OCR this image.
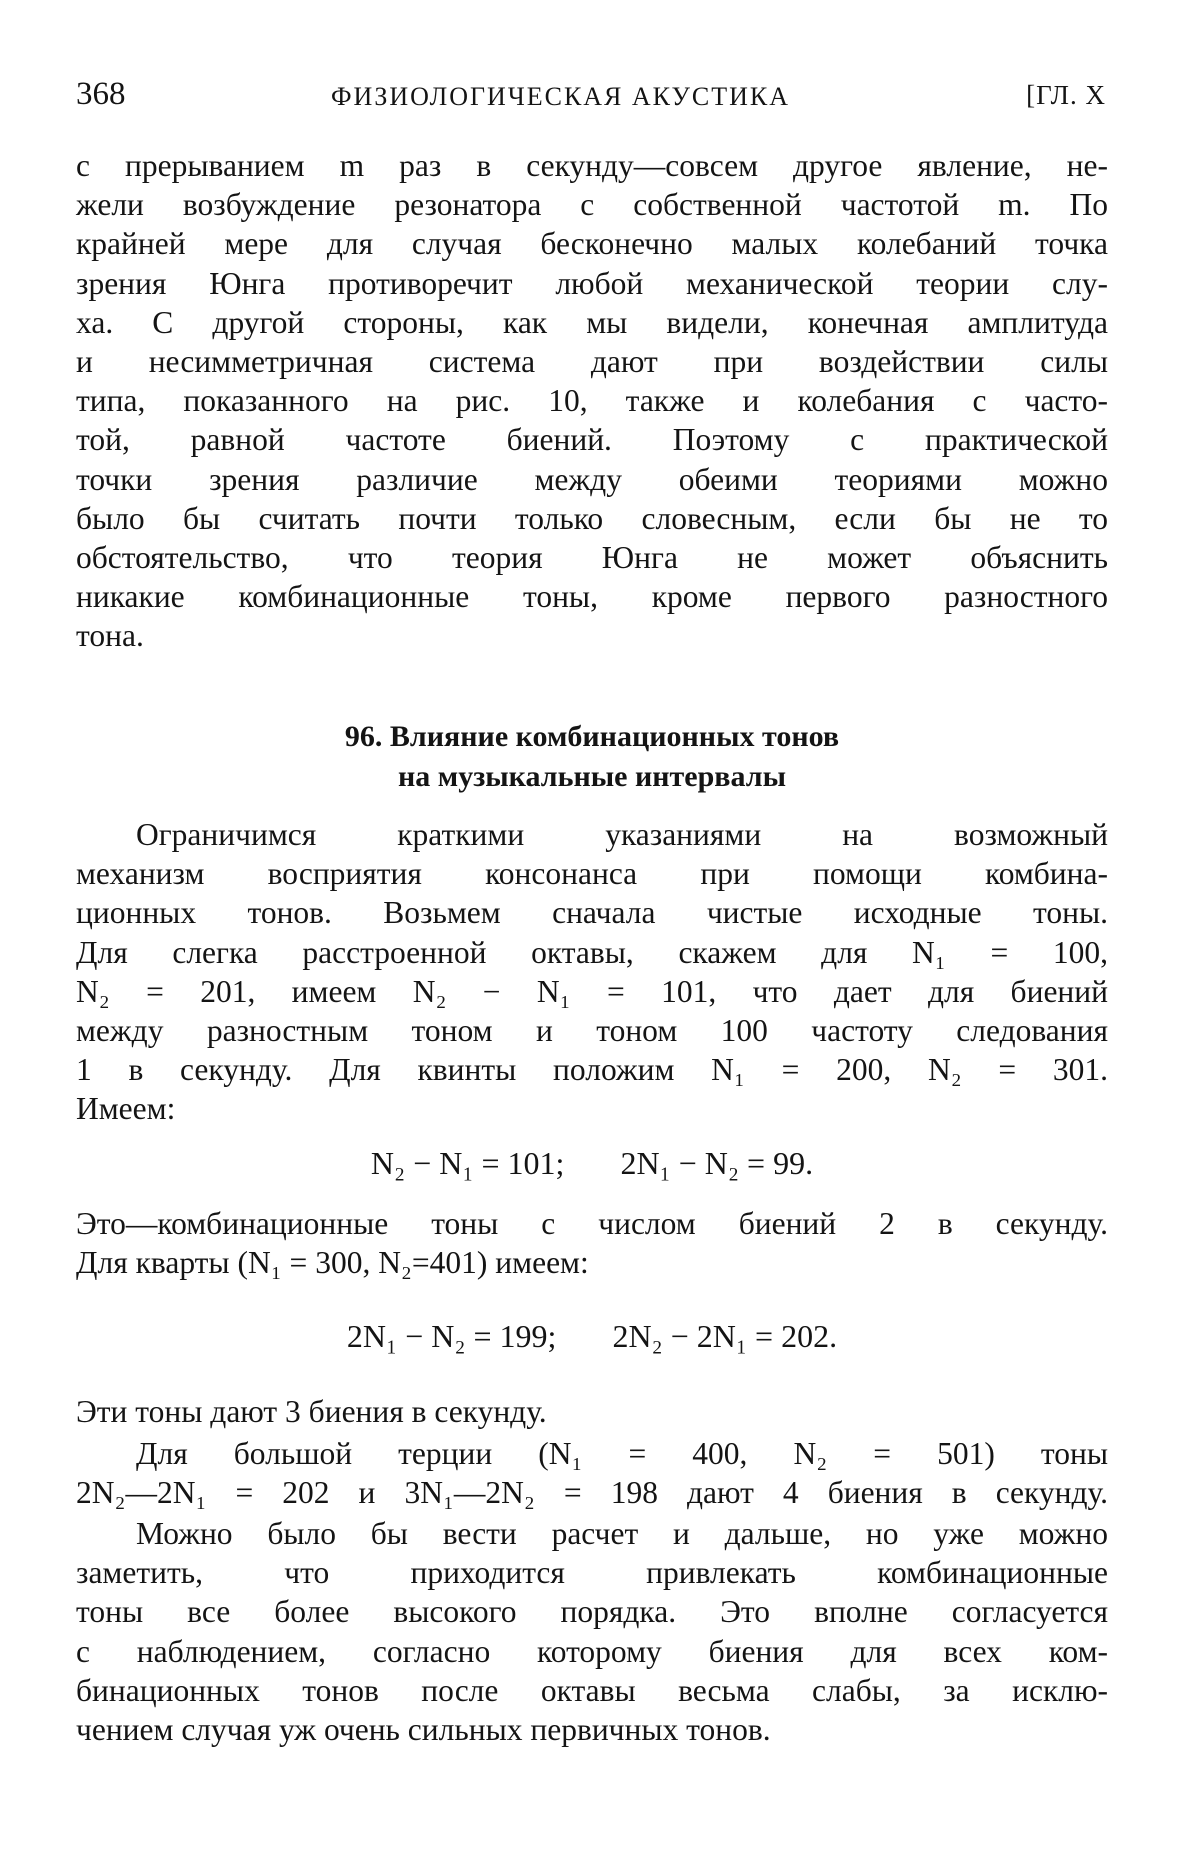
368	ФИЗИОЛОГИЧЕСКАЯ АКУСТИКА	[ГЛ. X
с прерыванием m раз в секунду—совсем другое явление, не-
жели возбуждение резонатора с собственной частотой m. По
крайней мере для случая бесконечно малых колебаний точка
зрения Юнга противоречит любой механической теории слу-
ха. С другой стороны, как мы видели, конечная амплитуда
и несимметричная система дают при воздействии силы
типа, показанного на рис. 10, также и колебания с часто-
той, равной частоте биений. Поэтому с практической
точки зрения различие между обеими теориями можно
было бы считать почти только словесным, если бы не то
обстоятельство, что теория Юнга не может объяснить
никакие комбинационные тоны, кроме первого разностного
тона.
96. Влияние комбинационных тонов
на музыкальные интервалы
Ограничимся краткими указаниями на возможный
механизм восприятия консонанса при помощи комбина-
ционных тонов. Возьмем сначала чистые исходные тоны.
Для слегка расстроенной октавы, скажем для N₁ = 100,
N₂ = 201, имеем N₂ − N₁ = 101, что дает для биений
между разностным тоном и тоном 100 частоту следования
1 в секунду. Для квинты положим N₁ = 200, N₂ = 301.
Имеем:
N₂ − N₁ = 101;       2N₁ − N₂ = 99.
Это—комбинационные тоны с числом биений 2 в секунду.
Для кварты (N₁ = 300, N₂=401) имеем:
2N₁ − N₂ = 199;       2N₂ − 2N₁ = 202.
Эти тоны дают 3 биения в секунду.
Для большой терции (N₁ = 400, N₂ = 501) тоны
2N₂—2N₁ = 202 и 3N₁—2N₂ = 198 дают 4 биения в секунду.
Можно было бы вести расчет и дальше, но уже можно
заметить, что приходится привлекать комбинационные
тоны все более высокого порядка. Это вполне согласуется
с наблюдением, согласно которому биения для всех ком-
бинационных тонов после октавы весьма слабы, за исклю-
чением случая уж очень сильных первичных тонов.
